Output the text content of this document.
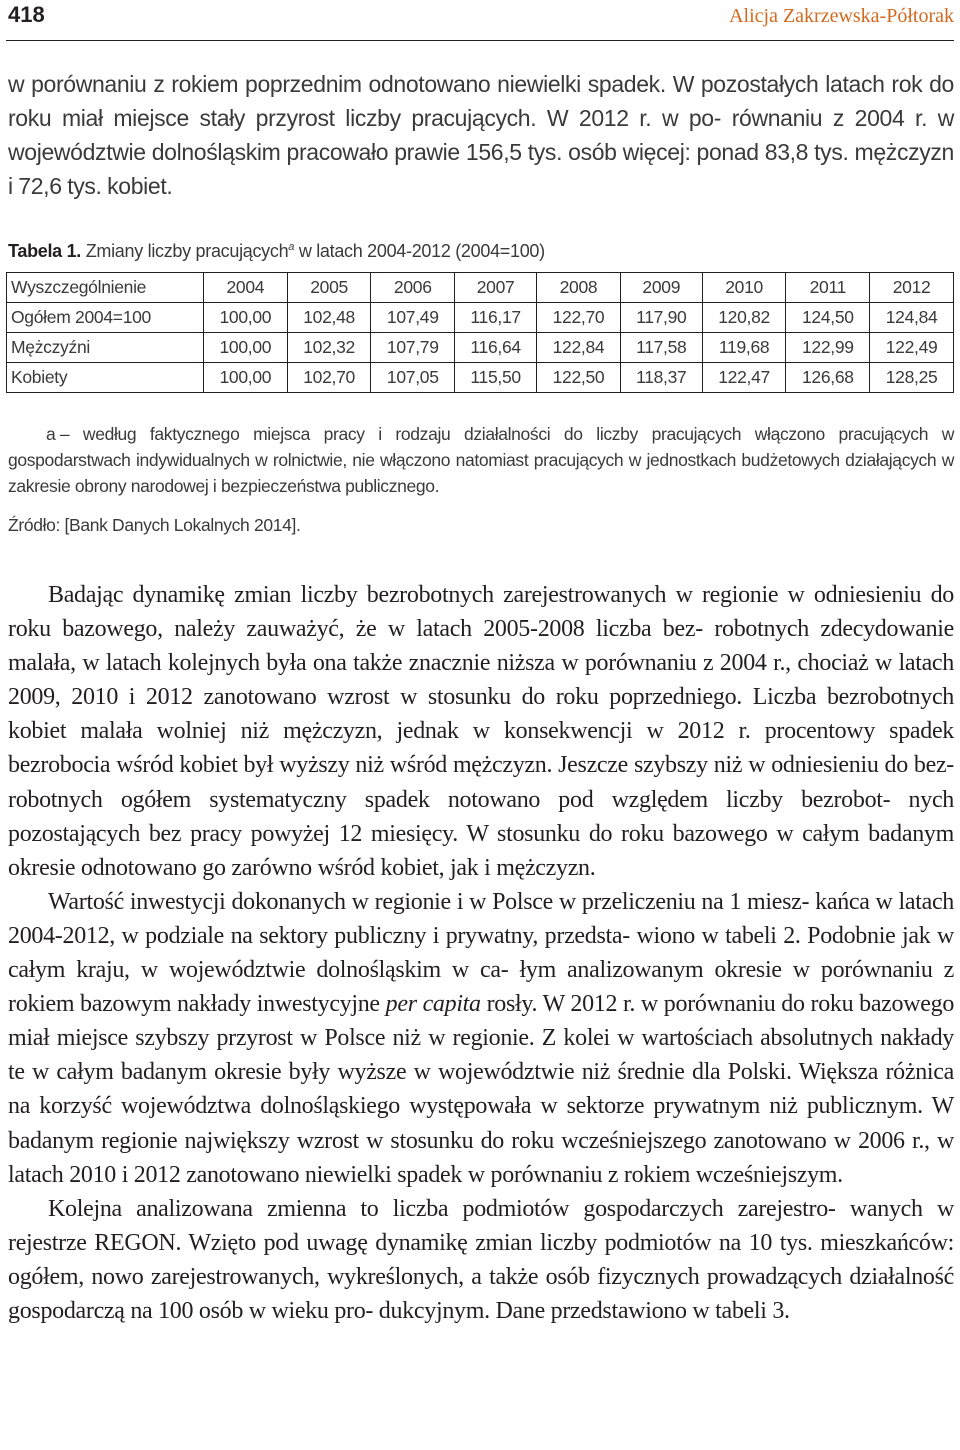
418	Alicja Zakrzewska-Półtorak

w porównaniu z rokiem poprzednim odnotowano niewielki spadek. W pozostałych latach rok do roku miał miejsce stały przyrost liczby pracujących. W 2012 r. w po- równaniu z 2004 r. w województwie dolnośląskim pracowało prawie 156,5 tys. osób więcej: ponad 83,8 tys. mężczyzn i 72,6 tys. kobiet.

Tabela 1. Zmiany liczby pracujących$^a$ w latach 2004-2012 (2004=100)
Wyszczególnienie	2004	2005	2006	2007	2008	2009	2010	2011	2012
Ogółem 2004=100	100,00	102,48	107,49	116,17	122,70	117,90	120,82	124,50	124,84
Mężczyźni	100,00	102,32	107,79	116,64	122,84	117,58	119,68	122,99	122,49
Kobiety	100,00	102,70	107,05	115,50	122,50	118,37	122,47	126,68	128,25

a – według faktycznego miejsca pracy i rodzaju działalności do liczby pracujących włączono pracujących w gospodarstwach indywidualnych w rolnictwie, nie włączono natomiast pracujących w jednostkach budżetowych działających w zakresie obrony narodowej i bezpieczeństwa publicznego.

Źródło: [Bank Danych Lokalnych 2014].

Badając dynamikę zmian liczby bezrobotnych zarejestrowanych w regionie w odniesieniu do roku bazowego, należy zauważyć, że w latach 2005-2008 liczba bez- robotnych zdecydowanie malała, w latach kolejnych była ona także znacznie niższa w porównaniu z 2004 r., chociaż w latach 2009, 2010 i 2012 zanotowano wzrost w stosunku do roku poprzedniego. Liczba bezrobotnych kobiet malała wolniej niż mężczyzn, jednak w konsekwencji w 2012 r. procentowy spadek bezrobocia wśród kobiet był wyższy niż wśród mężczyzn. Jeszcze szybszy niż w odniesieniu do bez- robotnych ogółem systematyczny spadek notowano pod względem liczby bezrobot- nych pozostających bez pracy powyżej 12 miesięcy. W stosunku do roku bazowego w całym badanym okresie odnotowano go zarówno wśród kobiet, jak i mężczyzn.

Wartość inwestycji dokonanych w regionie i w Polsce w przeliczeniu na 1 miesz- kańca w latach 2004-2012, w podziale na sektory publiczny i prywatny, przedsta- wiono w tabeli 2. Podobnie jak w całym kraju, w województwie dolnośląskim w ca- łym analizowanym okresie w porównaniu z rokiem bazowym nakłady inwestycyjne per capita rosły. W 2012 r. w porównaniu do roku bazowego miał miejsce szybszy przyrost w Polsce niż w regionie. Z kolei w wartościach absolutnych nakłady te w całym badanym okresie były wyższe w województwie niż średnie dla Polski. Większa różnica na korzyść województwa dolnośląskiego występowała w sektorze prywatnym niż publicznym. W badanym regionie największy wzrost w stosunku do roku wcześniejszego zanotowano w 2006 r., w latach 2010 i 2012 zanotowano niewielki spadek w porównaniu z rokiem wcześniejszym.

Kolejna analizowana zmienna to liczba podmiotów gospodarczych zarejestro- wanych w rejestrze REGON. Wzięto pod uwagę dynamikę zmian liczby podmiotów na 10 tys. mieszkańców: ogółem, nowo zarejestrowanych, wykreślonych, a także osób fizycznych prowadzących działalność gospodarczą na 100 osób w wieku pro- dukcyjnym. Dane przedstawiono w tabeli 3.
